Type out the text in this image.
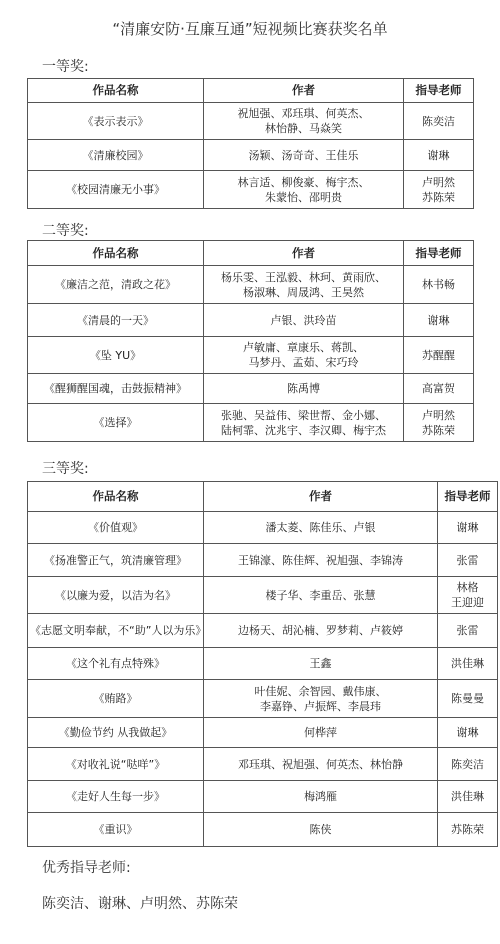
“清廉安防·互廉互通”短视频比赛获奖名单
一等奖:
作品名称	作者	指导老师
《表示表示》	祝旭强、邓珏琪、何英杰、
林怡静、马焱笑	陈奕洁

《清廉校园》	汤颖、汤奇奇、王佳乐	谢琳

《校园清廉无小事》	林言适、柳俊豪、梅宇杰、
朱蒙怡、邵明贵	卢明然
苏陈荣
二等奖:
作品名称	作者	指导老师
《廉洁之范，清政之花》	杨乐雯、王泓毅、林珂、黄雨欣、
杨淑琳、周晟鸿、王昊然	林书畅

《清晨的一天》	卢银、洪玲苗	谢琳

《坠 YU》	卢敏庸、章康乐、蒋凯、
马梦丹、孟茹、宋巧玲	苏醒醒

《醒狮醒国魂，击鼓振精神》	陈禹博	高富贺

《选择》	张驰、吴益伟、梁世帮、金小娜、
陆柯霏、沈兆宇、李汉卿、梅宇杰	卢明然
苏陈荣
三等奖:
作品名称	作者	指导老师
《价值观》	潘太菱、陈佳乐、卢银	谢琳

《扬准警正气，筑清廉管理》	王锦濠、陈佳辉、祝旭强、李锦涛	张雷

《以廉为爱，以洁为名》	楼子华、李重岳、张慧	林格
王迎迎

《志愿文明奉献，不“助”人以为乐》	边杨天、胡沁楠、罗梦莉、卢筱婷	张雷

《这个礼有点特殊》	王鑫	洪佳琳

《贿路》	叶佳妮、余智园、戴伟康、
李嘉铮、卢振辉、李晨玮	陈曼曼

《勤俭节约 从我做起》	何桦萍	谢琳

《对收礼说“哒咩”》	邓珏琪、祝旭强、何英杰、林怡静	陈奕洁

《走好人生每一步》	梅鸿雁	洪佳琳

《重识》	陈侠	苏陈荣
优秀指导老师:
陈奕洁、谢琳、卢明然、苏陈荣
